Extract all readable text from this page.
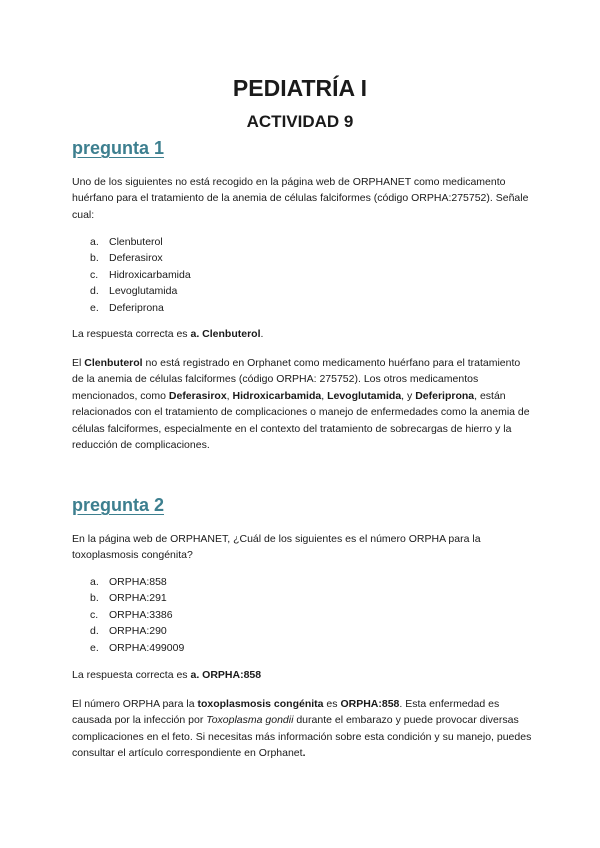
PEDIATRÍA I
ACTIVIDAD 9
pregunta 1

Uno de los siguientes no está recogido en la página web de ORPHANET como medicamento huérfano para el tratamiento de la anemia de células falciformes (código ORPHA:275752). Señale cual:

a. Clenbuterol
b. Deferasirox
c. Hidroxicarbamida
d. Levoglutamida
e. Deferiprona

La respuesta correcta es a. Clenbuterol.

El Clenbuterol no está registrado en Orphanet como medicamento huérfano para el tratamiento de la anemia de células falciformes (código ORPHA: 275752). Los otros medicamentos mencionados, como Deferasirox, Hidroxicarbamida, Levoglutamida, y Deferiprona, están relacionados con el tratamiento de complicaciones o manejo de enfermedades como la anemia de células falciformes, especialmente en el contexto del tratamiento de sobrecargas de hierro y la reducción de complicaciones.

pregunta 2

En la página web de ORPHANET, ¿Cuál de los siguientes es el número ORPHA para la toxoplasmosis congénita?

a. ORPHA:858
b. ORPHA:291
c. ORPHA:3386
d. ORPHA:290
e. ORPHA:499009

La respuesta correcta es a. ORPHA:858

El número ORPHA para la toxoplasmosis congénita es ORPHA:858. Esta enfermedad es causada por la infección por Toxoplasma gondii durante el embarazo y puede provocar diversas complicaciones en el feto. Si necesitas más información sobre esta condición y su manejo, puedes consultar el artículo correspondiente en Orphanet.
